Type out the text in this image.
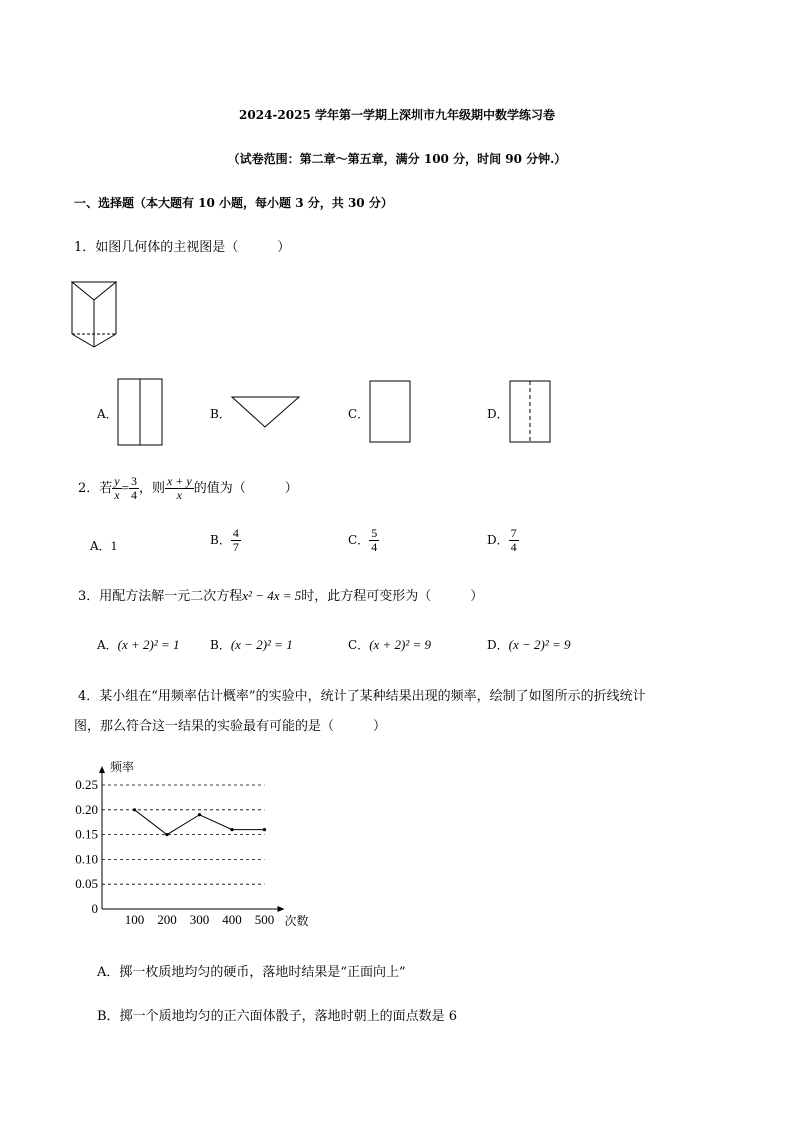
2024-2025 学年第一学期上深圳市九年级期中数学练习卷
（试卷范围：第二章～第五章，满分 100 分，时间 90 分钟.）
一、选择题（本大题有 10 小题，每小题 3 分，共 30 分）
1．如图几何体的主视图是（　　　）
A．	B．	C．	D．
2．若 $\frac{y}{x} = \frac{3}{4}$ ，则 $\frac{x + y}{x}$ 的值为（　　　）
A．1	B． $\frac{4}{7}$	C． $\frac{5}{4}$	D． $\frac{7}{4}$
3．用配方法解一元二次方程x² − 4x = 5时，此方程可变形为（　　　）
A．(x + 2)² = 1	B．(x − 2)² = 1	C．(x + 2)² = 9	D．(x − 2)² = 9
4．某小组在“用频率估计概率”的实验中，统计了某种结果出现的频率，绘制了如图所示的折线统计
图，那么符合这一结果的实验最有可能的是（　　　）
0
0.05
0.10
0.15
0.20
0.25
100 200 300 400 500
频率
次数
A．掷一枚质地均匀的硬币，落地时结果是“正面向上”
B．掷一个质地均匀的正六面体骰子，落地时朝上的面点数是 6
